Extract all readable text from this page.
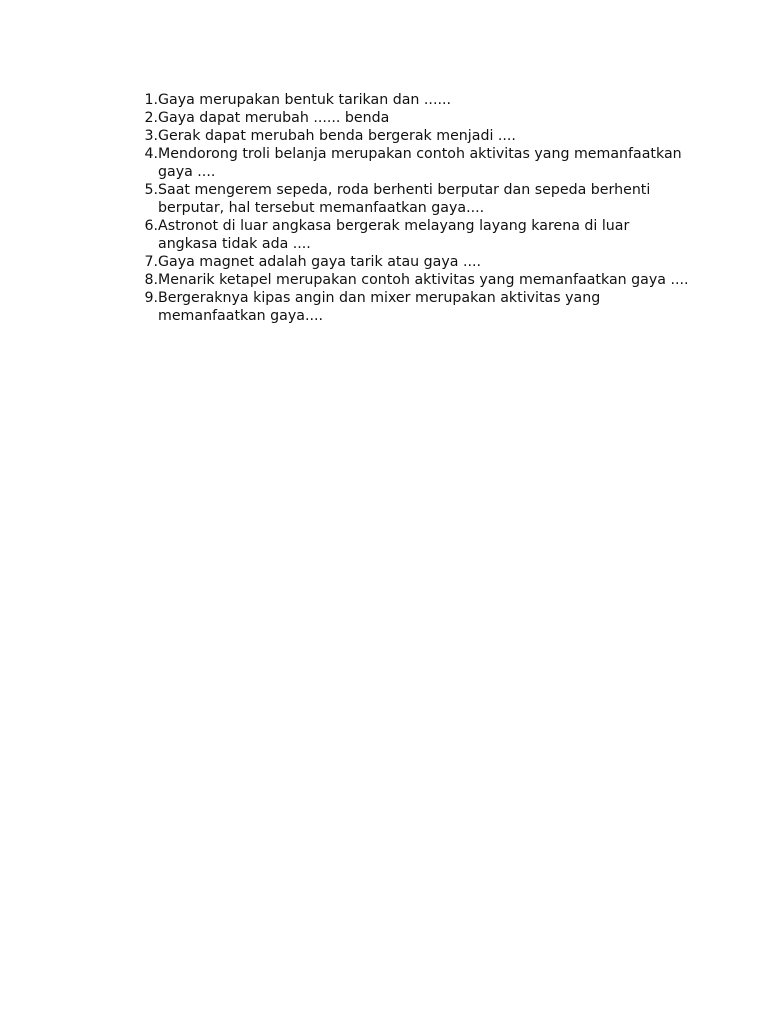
1. Gaya merupakan bentuk tarikan dan ......
2. Gaya dapat merubah ...... benda
3. Gerak dapat merubah benda bergerak menjadi ....
4. Mendorong troli belanja merupakan contoh aktivitas yang memanfaatkan
gaya ....
5. Saat mengerem sepeda, roda berhenti berputar dan sepeda berhenti
berputar, hal tersebut memanfaatkan gaya....
6. Astronot di luar angkasa bergerak melayang layang karena di luar
angkasa tidak ada ....
7. Gaya magnet adalah gaya tarik atau gaya ....
8. Menarik ketapel merupakan contoh aktivitas yang memanfaatkan gaya ....
9. Bergeraknya kipas angin dan mixer merupakan aktivitas yang
memanfaatkan gaya....
